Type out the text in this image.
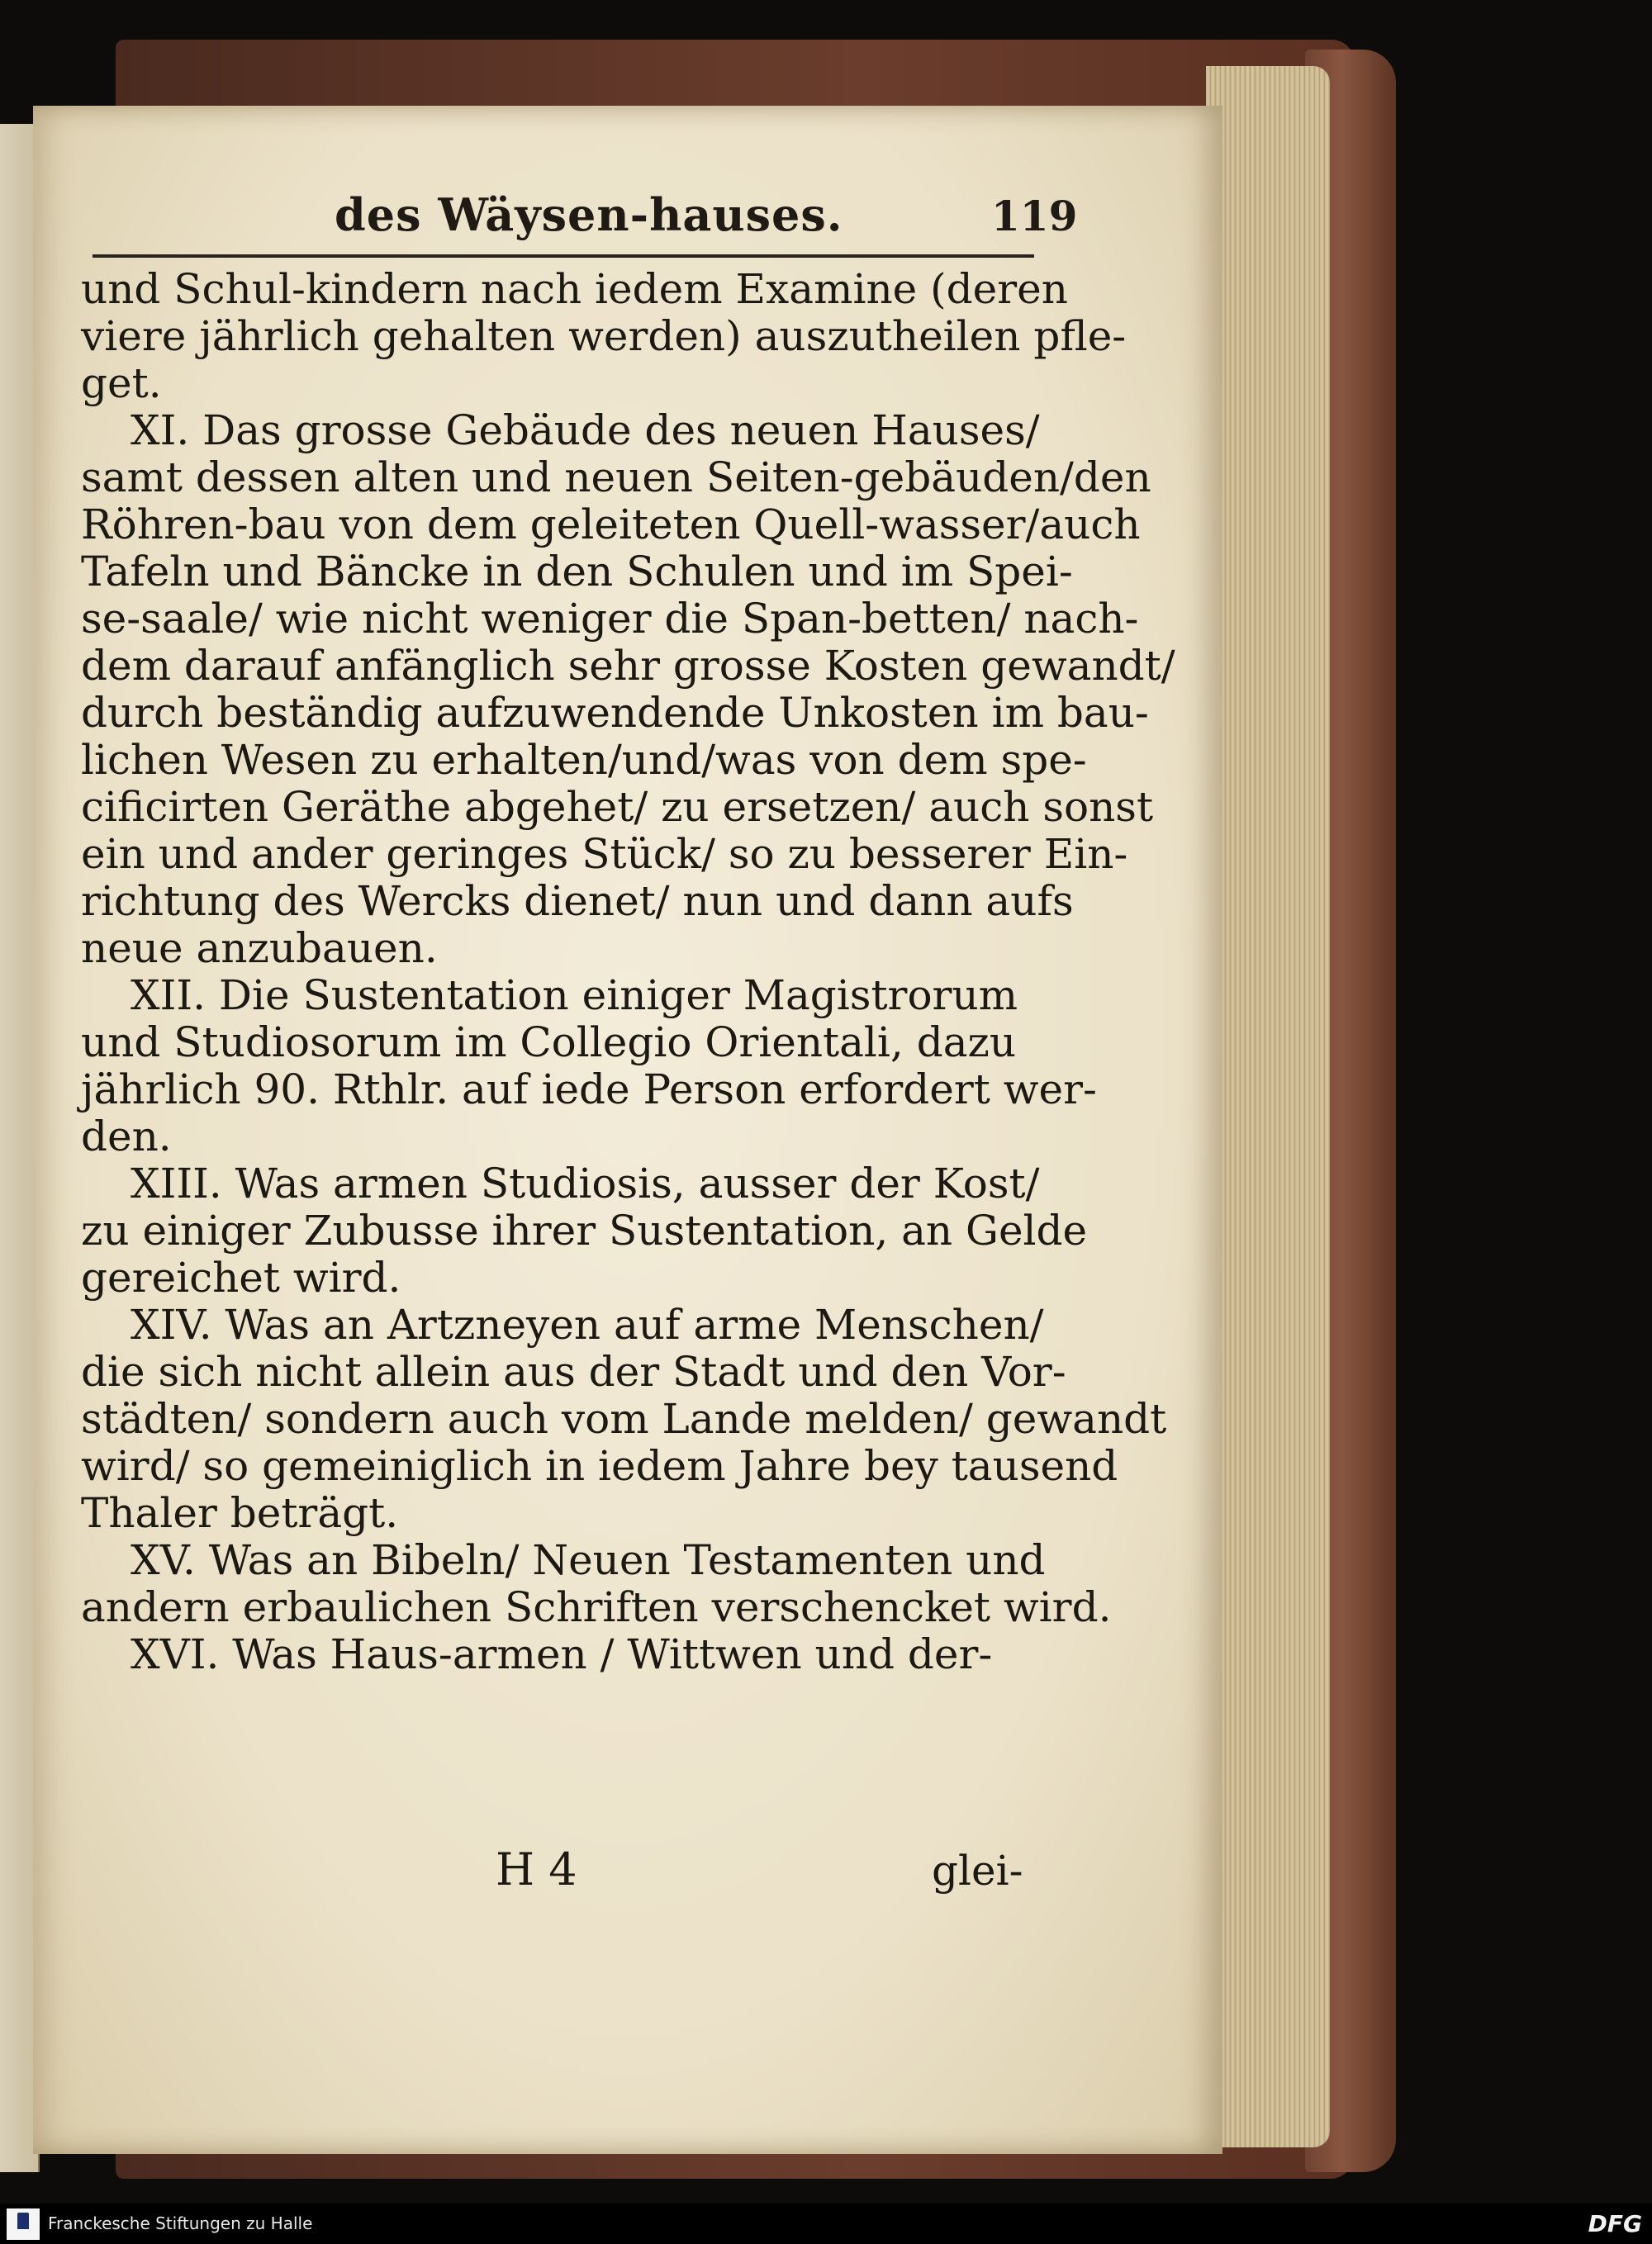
des Wäysen-hauses.	119
und Schul-kindern nach iedem Examine (deren
viere jährlich gehalten werden) auszutheilen pfle-
get.
XI. Das grosse Gebäude des neuen Hauses/
samt dessen alten und neuen Seiten-gebäuden/den
Röhren-bau von dem geleiteten Quell-wasser/auch
Tafeln und Bäncke in den Schulen und im Spei-
se-saale/ wie nicht weniger die Span-betten/ nach-
dem darauf anfänglich sehr grosse Kosten gewandt/
durch beständig aufzuwendende Unkosten im bau-
lichen Wesen zu erhalten/und/was von dem spe-
cificirten Geräthe abgehet/ zu ersetzen/ auch sonst
ein und ander geringes Stück/ so zu besserer Ein-
richtung des Wercks dienet/ nun und dann aufs
neue anzubauen.
XII. Die Sustentation einiger Magistrorum
und Studiosorum im Collegio Orientali, dazu
jährlich 90. Rthlr. auf iede Person erfordert wer-
den.
XIII. Was armen Studiosis, ausser der Kost/
zu einiger Zubusse ihrer Sustentation, an Gelde
gereichet wird.
XIV. Was an Artzneyen auf arme Menschen/
die sich nicht allein aus der Stadt und den Vor-
städten/ sondern auch vom Lande melden/ gewandt
wird/ so gemeiniglich in iedem Jahre bey tausend
Thaler beträgt.
XV. Was an Bibeln/ Neuen Testamenten und
andern erbaulichen Schriften verschencket wird.
XVI. Was Haus-armen / Wittwen und der-
H 4	glei-
Franckesche Stiftungen zu Halle	DFG
